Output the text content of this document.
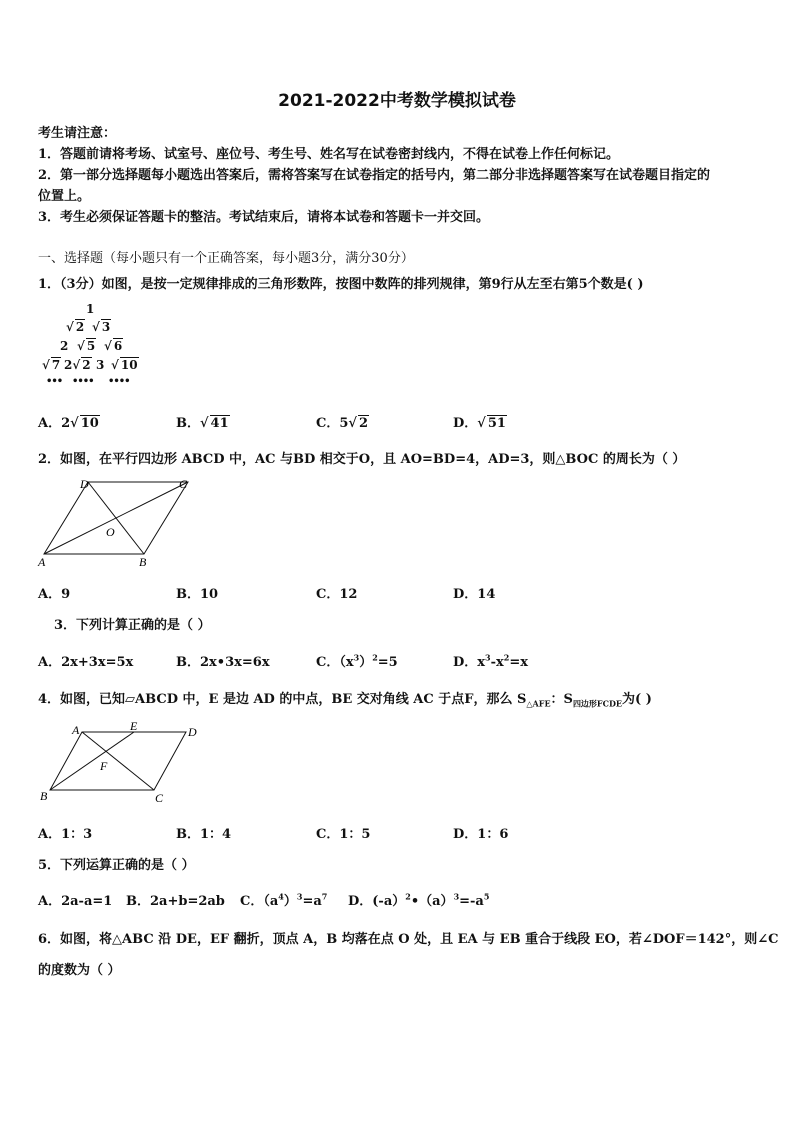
2021-2022中考数学模拟试卷
考生请注意：
1．答题前请将考场、试室号、座位号、考生号、姓名写在试卷密封线内，不得在试卷上作任何标记。
2．第一部分选择题每小题选出答案后，需将答案写在试卷指定的括号内，第二部分非选择题答案写在试卷题目指定的
位置上。
3．考生必须保证答题卡的整洁。考试结束后，请将本试卷和答题卡一并交回。
一、选择题（每小题只有一个正确答案，每小题3分，满分30分）
1．（3分）如图，是按一定规律排成的三角形数阵，按图中数阵的排列规律，第9行从左至右第5个数是( )
1
√ 2 √ 3
2 √ 5 √ 6
√ 7 2√ 2 3 √ 10
••• •••• ••••
A．2√ 10	B．√ 41	C．5√ 2	D．√ 51
2．如图，在平行四边形 ABCD 中，AC 与BD 相交于O，且 AO=BD=4，AD=3，则△BOC 的周长为（ ）
A	B
C
D
O
A．9	B．10	C．12	D．14
3．下列计算正确的是（ ）
A．2x+3x=5x	B．2x•3x=6x	C．$(x^3)^2=5$	D．$x^3-x^2=x$
4．如图，已知▱ABCD 中，E 是边 AD 的中点，BE 交对角线 AC 于点F，那么 $S_{\triangle AFE}$：$S_{四边形FCDE}$为( )
A	E	D
B	C
F
A．1：3	B．1：4	C．1：5	D．1：6
5．下列运算正确的是（ ）
A．2a-a=1 B．2a+b=2ab C．$(a^4)^3=a^7$ D．$(-a)^2•(a)^3=-a^5$
6．如图，将△ABC 沿 DE，EF 翻折，顶点 A，B 均落在点 O 处，且 EA 与 EB 重合于线段 EO，若∠DOF＝142°，则∠C
的度数为（ ）
